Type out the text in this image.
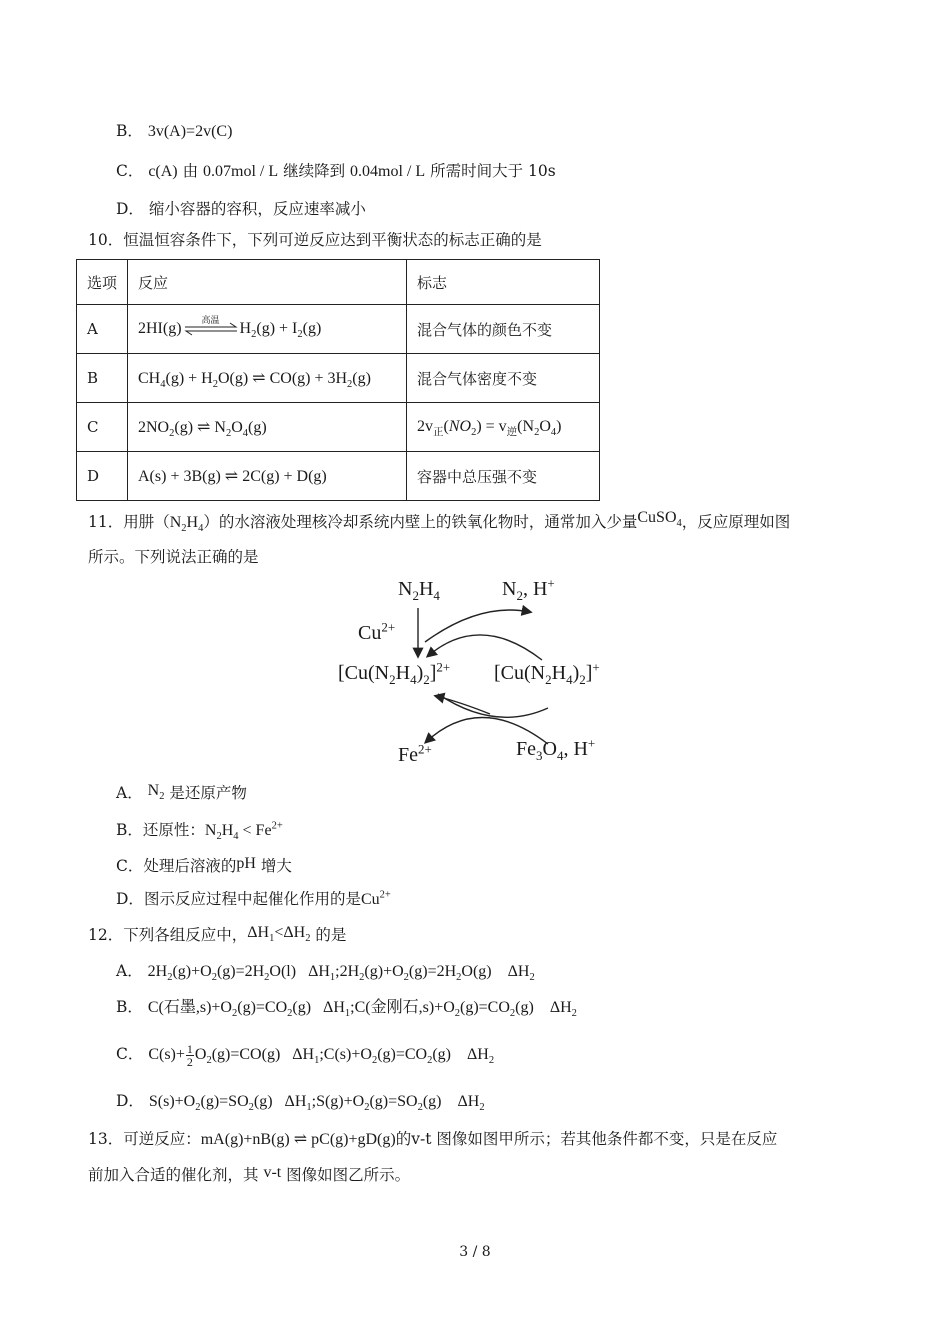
B． 3v(A)=2v(C)
C． c(A) 由 0.07mol / L 继续降到 0.04mol / L 所需时间大于 10s
D． 缩小容器的容积，反应速率减小
10．恒温恒容条件下，下列可逆反应达到平衡状态的标志正确的是
选项	反应	标志
A	2HI(g) 高温 $H_2(g) + I_2(g)$	混合气体的颜色不变
B	$CH_4(g) + H_2O(g)$ ⇌ $CO(g) + 3H_2(g)$	混合气体密度不变
C	$2NO_2(g)$ ⇌ $N_2O_4(g)$	$2v_正(NO_2) = v_逆(N_2O_4)$
D	A(s) + 3B(g) ⇌ 2C(g) + D(g)	容器中总压强不变
11．用肼$(N_2H_4)$的水溶液处理核冷却系统内壁上的铁氧化物时，通常加入少量CuSO$_4$，反应原理如图
所示。下列说法正确的是
$N_2H_4$	$N_2$, H+
$Cu^{2+}$
$[Cu(N_2H_4)_2]^{2+}$ $[Cu(N_2H_4)_2]^+$
$Fe^{2+}$	$Fe_3O_4$, H+
A． $N_2$ 是还原产物
B．还原性：$N_2H_4 < Fe^{2+}$
C．处理后溶液的pH 增大
D．图示反应过程中起催化作用的是$Cu^{2+}$
12．下列各组反应中，$\Delta H_1<\Delta H_2$ 的是
A． $2H_2(g)+O_2(g)=2H_2O(l)$   $\Delta H_1;2H_2(g)+O_2(g)=2H_2O(g)$    $\Delta H_2$
B． C(石墨$,s)+O_2(g)=CO_2(g)$   $\Delta H_1;C$(金刚石$,s)+O_2(g)=CO_2(g)$    $\Delta H_2$
C． $C(s)+ \frac{1}{2} O_2(g)=CO(g)$   $\Delta H_1;C(s)+O_2(g)=CO_2(g)$    $\Delta H_2$
D． $S(s)+O_2(g)=SO_2(g)$   $\Delta H_1;S(g)+O_2(g)=SO_2(g)$    $\Delta H_2$
13．可逆反应：mA(g)+nB(g) ⇌ pC(g)+gD(g)的v-t 图像如图甲所示；若其他条件都不变，只是在反应
前加入合适的催化剂，其 v-t 图像如图乙所示。
3 / 8
